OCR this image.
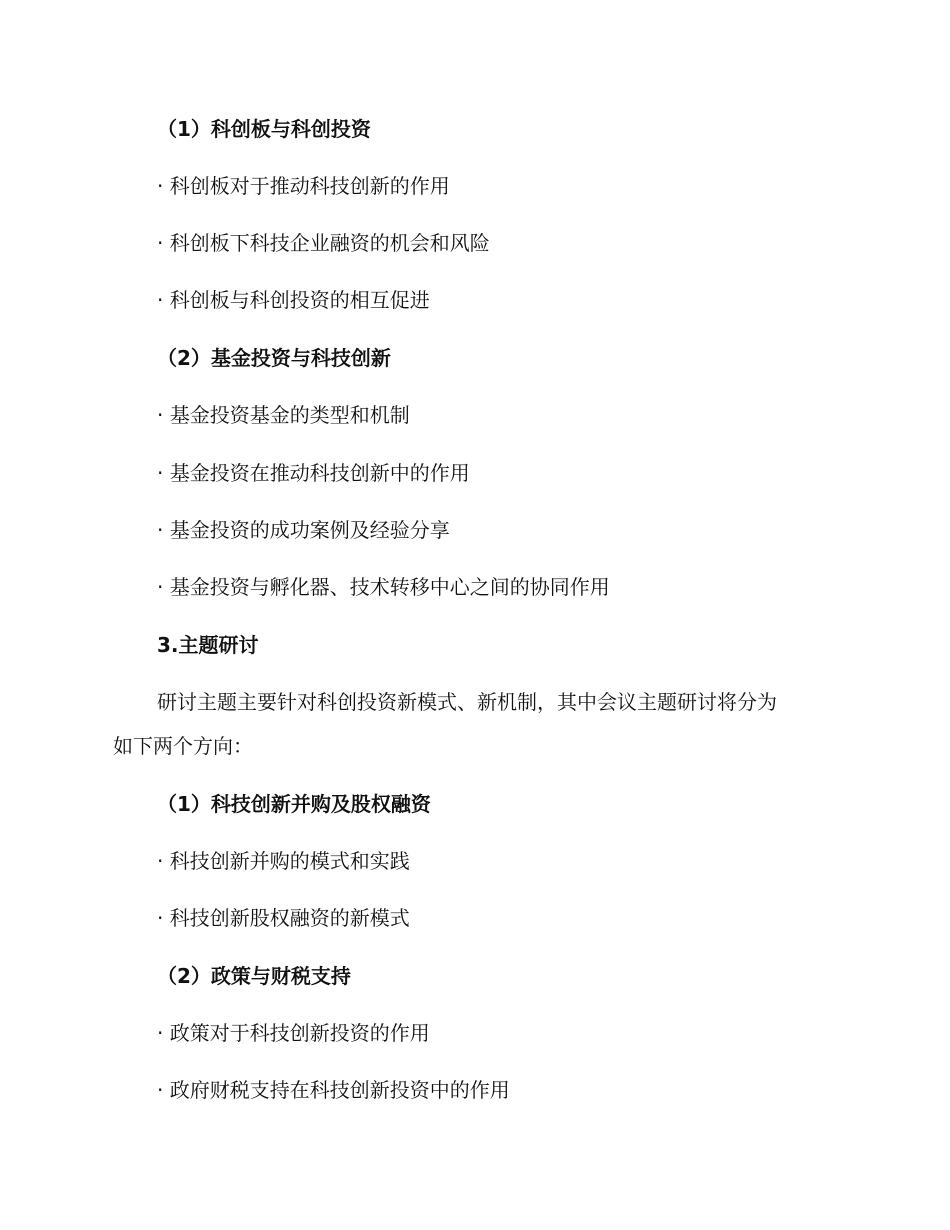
（1）科创板与科创投资
· 科创板对于推动科技创新的作用
· 科创板下科技企业融资的机会和风险
· 科创板与科创投资的相互促进
（2）基金投资与科技创新
· 基金投资基金的类型和机制
· 基金投资在推动科技创新中的作用
· 基金投资的成功案例及经验分享
· 基金投资与孵化器、技术转移中心之间的协同作用
3.主题研讨
研讨主题主要针对科创投资新模式、新机制，其中会议主题研讨将分为
如下两个方向：
（1）科技创新并购及股权融资
· 科技创新并购的模式和实践
· 科技创新股权融资的新模式
（2）政策与财税支持
· 政策对于科技创新投资的作用
· 政府财税支持在科技创新投资中的作用
